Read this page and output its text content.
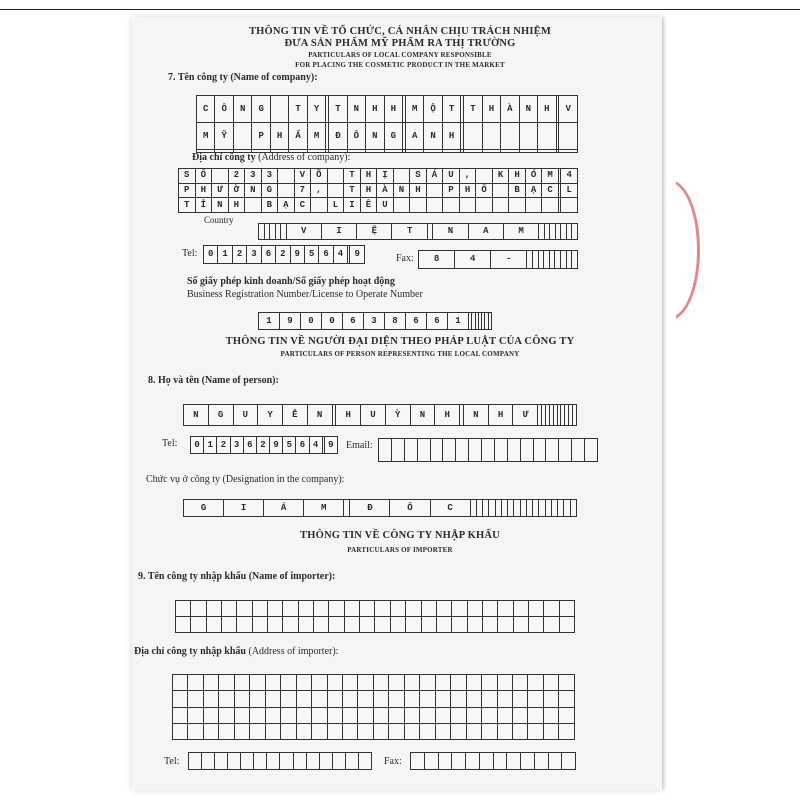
THÔNG TIN VỀ TỔ CHỨC, CÁ NHÂN CHỊU TRÁCH NHIỆM
ĐƯA SẢN PHẨM MỸ PHẨM RA THỊ TRƯỜNG
PARTICULARS OF LOCAL COMPANY RESPONSIBLE
FOR PLACING THE COSMETIC PRODUCT IN THE MARKET
7. Tên công ty (Name of company):
C	Ô	N	G		T	Y		T	N	H	H		M	Ộ	T		T	H	À	N	H		V
M	Ỹ		P	H	Ẩ	M		Đ	Ô	N	G		A	N	H								

Địa chỉ công ty (Address of company):
S	Ố		2	3	3		V	Õ		T	H	Ị		S	Á	U	,		K	H	Ó	M		4
P	H	Ư	Ờ	N	G		7	,		T	H	À	N	H		P	H	Ố		B	Ạ	C		L
T	Ỉ	N	H		B	Ạ	C		L	I	Ê	U												
Country
					V	I	Ệ	T		N	A	M							
Tel: 0	1	2	3	6	2	9	5	6	4		9	Fax: 8	4	-									
Số giấy phép kinh doanh/Số giấy phép hoạt động
Business Registration Number/License to Operate Number
1	9	0	0	6	3	8	6	6	1							
THÔNG TIN VỀ NGƯỜI ĐẠI DIỆN THEO PHÁP LUẬT CỦA CÔNG TY
PARTICULARS OF PERSON REPRESENTING THE LOCAL COMPANY
8. Họ và tên (Name of person):
N	G	U	Y	Ễ	N		H	U	Ỳ	N	H		N	H	Ư										
Tel: 0	1	2	3	6	2	9	5	6	4		9 Email:

Chức vụ ở công ty (Designation in the company):
G	I	Á	M		Đ	Ố	C																	
THÔNG TIN VỀ CÔNG TY NHẬP KHẨU
PARTICULARS OF IMPORTER
9. Tên công ty nhập khẩu (Name of importer):

Địa chỉ công ty nhập khẩu (Address of importer):

Tel:
														Fax:
